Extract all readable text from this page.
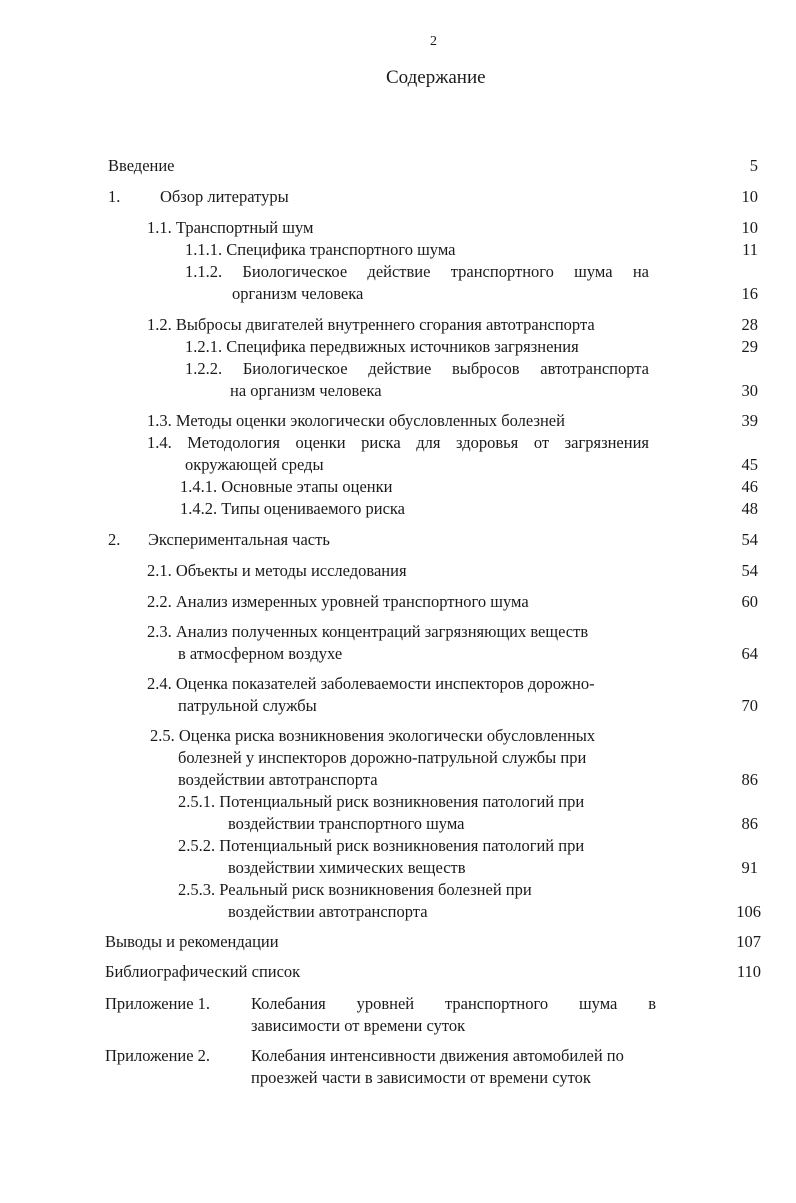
2
Содержание
Введение	5
1. Обзор литературы	10
1.1. Транспортный шум	10
1.1.1. Специфика транспортного шума	11
1.1.2. Биологическое действие транспортного шума на
организм человека	16
1.2. Выбросы двигателей внутреннего сгорания автотранспорта	28
1.2.1. Специфика передвижных источников загрязнения	29
1.2.2. Биологическое действие выбросов автотранспорта
на организм человека	30
1.3. Методы оценки экологически обусловленных болезней	39
1.4. Методология оценки риска для здоровья от загрязнения
окружающей среды	45
1.4.1. Основные этапы оценки	46
1.4.2. Типы оцениваемого риска	48
2. Экспериментальная часть	54
2.1. Объекты и методы исследования	54
2.2. Анализ измеренных уровней транспортного шума	60
2.3. Анализ полученных концентраций загрязняющих веществ
в атмосферном воздухе	64
2.4. Оценка показателей заболеваемости инспекторов дорожно-
патрульной службы	70
2.5. Оценка риска возникновения экологически обусловленных
болезней у инспекторов дорожно-патрульной службы при
воздействии автотранспорта	86
2.5.1. Потенциальный риск возникновения патологий при
воздействии транспортного шума	86
2.5.2. Потенциальный риск возникновения патологий при
воздействии химических веществ	91
2.5.3. Реальный риск возникновения болезней при
воздействии автотранспорта	106
Выводы и рекомендации	107
Библиографический список	110
Приложение 1. Колебания уровней транспортного шума в
зависимости от времени суток
Приложение 2. Колебания интенсивности движения автомобилей по
проезжей части в зависимости от времени суток
